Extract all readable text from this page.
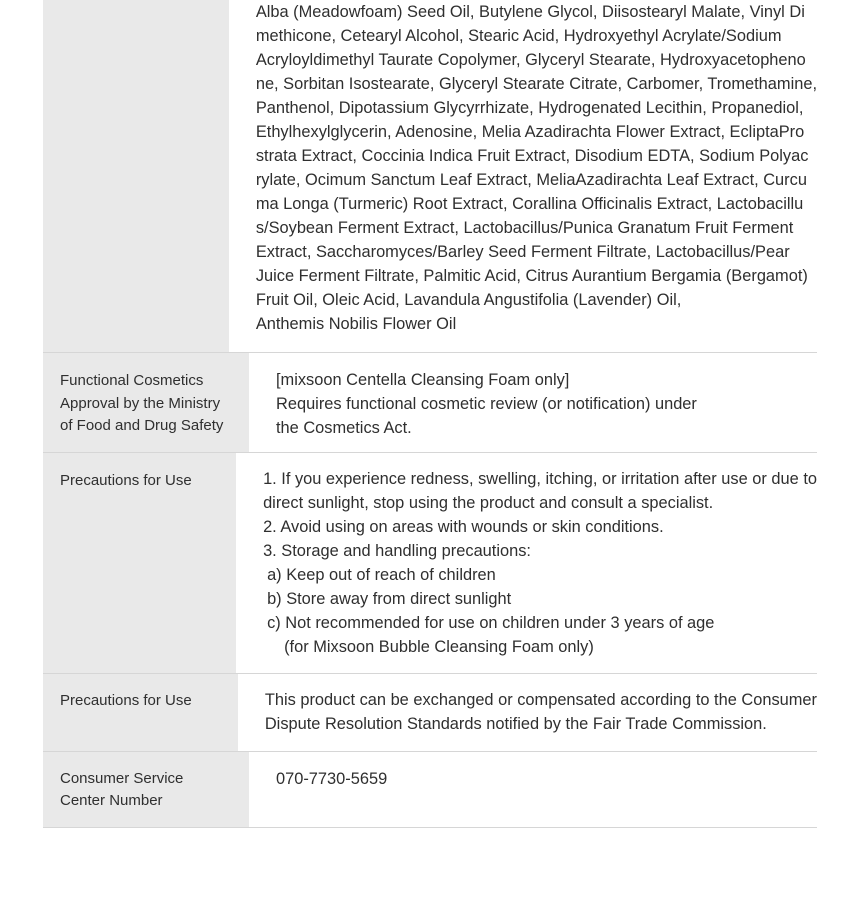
Alba (Meadowfoam) Seed Oil, Butylene Glycol, Diisostearyl Malate, Vinyl Di
methicone, Cetearyl Alcohol, Stearic Acid, Hydroxyethyl Acrylate/Sodium
Acryloyldimethyl Taurate Copolymer, Glyceryl Stearate, Hydroxyacetopheno
ne, Sorbitan Isostearate, Glyceryl Stearate Citrate, Carbomer, Tromethamine,
Panthenol, Dipotassium Glycyrrhizate, Hydrogenated Lecithin, Propanediol,
Ethylhexylglycerin, Adenosine, Melia Azadirachta Flower Extract, EcliptaPro
strata Extract, Coccinia Indica Fruit Extract, Disodium EDTA, Sodium Polyac
rylate, Ocimum Sanctum Leaf Extract, MeliaAzadirachta Leaf Extract, Curcu
ma Longa (Turmeric) Root Extract, Corallina Officinalis Extract, Lactobacillu
s/Soybean Ferment Extract, Lactobacillus/Punica Granatum Fruit Ferment
Extract, Saccharomyces/Barley Seed Ferment Filtrate, Lactobacillus/Pear
Juice Ferment Filtrate, Palmitic Acid, Citrus Aurantium Bergamia (Bergamot)
Fruit Oil, Oleic Acid, Lavandula Angustifolia (Lavender) Oil,
Anthemis Nobilis Flower Oil
Functional Cosmetics
Approval by the Ministry
of Food and Drug Safety
[mixsoon Centella Cleansing Foam only]
Requires functional cosmetic review (or notification) under
the Cosmetics Act.
Precautions for Use	1. If you experience redness, swelling, itching, or irritation after use or due to
direct sunlight, stop using the product and consult a specialist.
2. Avoid using on areas with wounds or skin conditions.
3. Storage and handling precautions:
a) Keep out of reach of children
b) Store away from direct sunlight
c) Not recommended for use on children under 3 years of age
(for Mixsoon Bubble Cleansing Foam only)
Precautions for Use	This product can be exchanged or compensated according to the Consumer
Dispute Resolution Standards notified by the Fair Trade Commission.
Consumer Service
Center Number
070-7730-5659
